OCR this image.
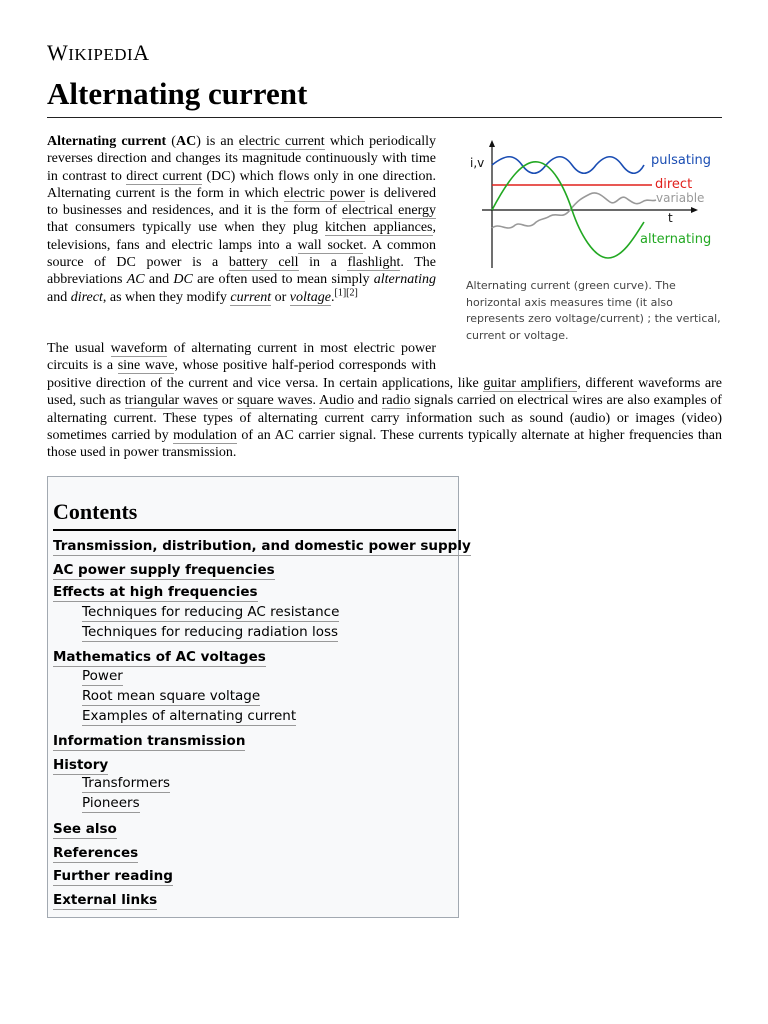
WIKIPEDIA
Alternating current
Alternating current (AC) is an electric current which periodically reverses direction and changes its magnitude continuously with time in contrast to direct current (DC) which flows only in one direction. Alternating current is the form in which electric power is delivered to businesses and residences, and it is the form of electrical energy that consumers typically use when they plug kitchen appliances, televisions, fans and electric lamps into a wall socket. A common source of DC power is a battery cell in a flashlight. The abbreviations AC and DC are often used to mean simply alternating and direct, as when they modify current or voltage.[1][2]
i,v
t
pulsating
direct
variable
alternating
Alternating current (green curve). The horizontal axis measures time (it also represents zero voltage/current) ; the vertical, current or voltage.
The usual waveform of alternating current in most electric power circuits is a sine wave, whose positive half-period corresponds with positive direction of the current and vice versa. In certain applications, like guitar amplifiers, different waveforms are used, such as triangular waves or square waves. Audio and radio signals carried on electrical wires are also examples of alternating current. These types of alternating current carry information such as sound (audio) or images (video) sometimes carried by modulation of an AC carrier signal. These currents typically alternate at higher frequencies than those used in power transmission.
Contents
Transmission, distribution, and domestic power supply
AC power supply frequencies
Effects at high frequencies
Techniques for reducing AC resistance
Techniques for reducing radiation loss
Mathematics of AC voltages
Power
Root mean square voltage
Examples of alternating current
Information transmission
History
Transformers
Pioneers
See also
References
Further reading
External links
